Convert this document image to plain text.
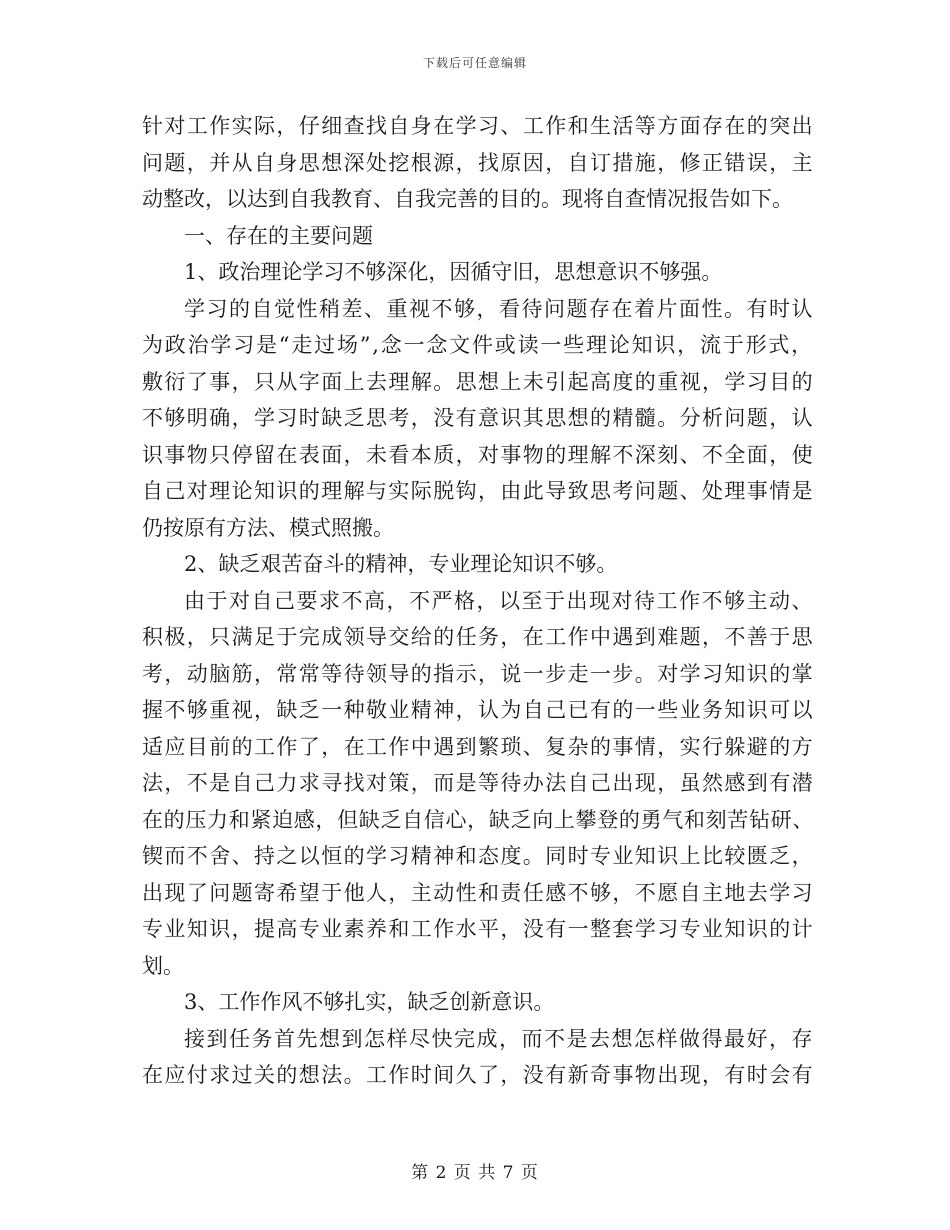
下载后可任意编辑
针对工作实际，仔细查找自身在学习、工作和生活等方面存在的突出
问题，并从自身思想深处挖根源，找原因，自订措施，修正错误，主
动整改，以达到自我教育、自我完善的目的。现将自查情况报告如下。
一、存在的主要问题
1、政治理论学习不够深化，因循守旧，思想意识不够强。
学习的自觉性稍差、重视不够，看待问题存在着片面性。有时认
为政治学习是“走过场”,念一念文件或读一些理论知识，流于形式，
敷衍了事，只从字面上去理解。思想上未引起高度的重视，学习目的
不够明确，学习时缺乏思考，没有意识其思想的精髓。分析问题，认
识事物只停留在表面，未看本质，对事物的理解不深刻、不全面，使
自己对理论知识的理解与实际脱钩，由此导致思考问题、处理事情是
仍按原有方法、模式照搬。
2、缺乏艰苦奋斗的精神，专业理论知识不够。
由于对自己要求不高，不严格，以至于出现对待工作不够主动、
积极，只满足于完成领导交给的任务，在工作中遇到难题，不善于思
考，动脑筋，常常等待领导的指示，说一步走一步。对学习知识的掌
握不够重视，缺乏一种敬业精神，认为自己已有的一些业务知识可以
适应目前的工作了，在工作中遇到繁琐、复杂的事情，实行躲避的方
法，不是自己力求寻找对策，而是等待办法自己出现，虽然感到有潜
在的压力和紧迫感，但缺乏自信心，缺乏向上攀登的勇气和刻苦钻研、
锲而不舍、持之以恒的学习精神和态度。同时专业知识上比较匮乏，
出现了问题寄希望于他人，主动性和责任感不够，不愿自主地去学习
专业知识，提高专业素养和工作水平，没有一整套学习专业知识的计
划。
3、工作作风不够扎实，缺乏创新意识。
接到任务首先想到怎样尽快完成，而不是去想怎样做得最好，存
在应付求过关的想法。工作时间久了，没有新奇事物出现，有时会有
第 2 页 共 7 页
